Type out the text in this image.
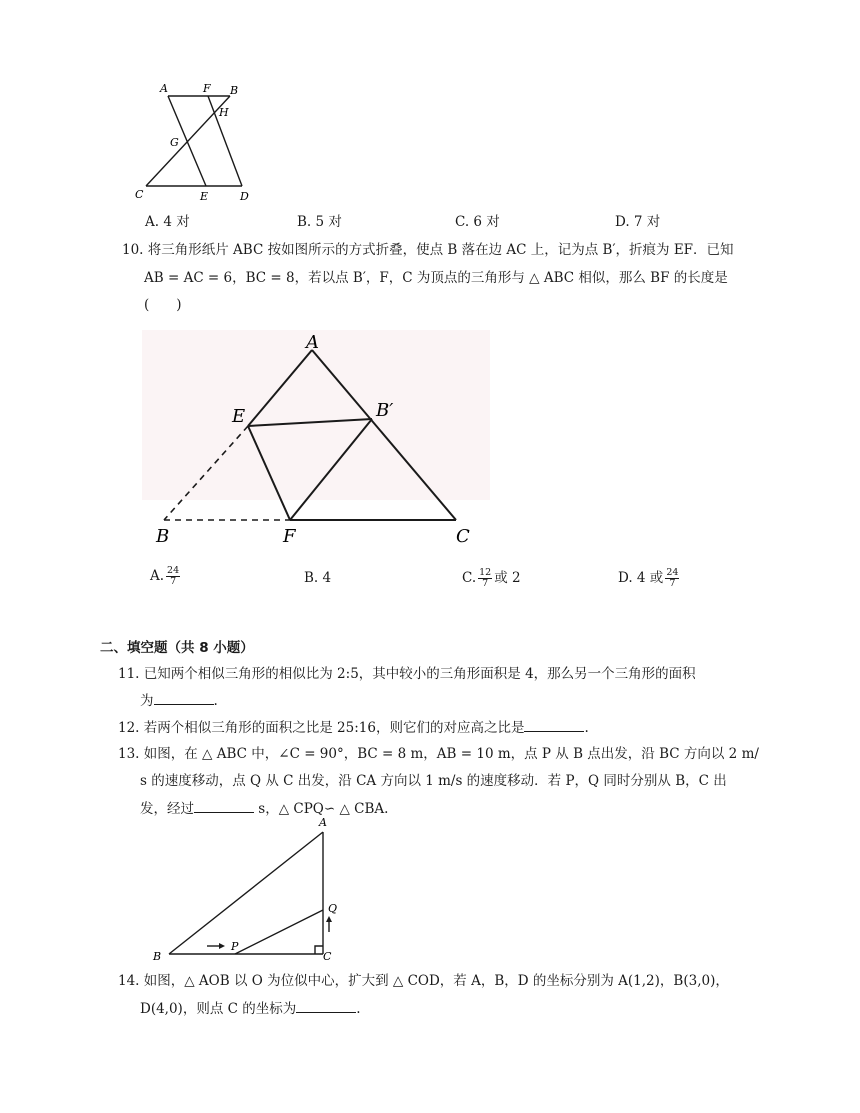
A	F B
H
G
C	E	D
A. 4 对	B. 5 对	C. 6 对	D. 7 对
10. 将三角形纸片 ABC 按如图所示的方式折叠，使点 B 落在边 AC 上，记为点 B′，折痕为 EF．已知
AB = AC = 6，BC = 8，若以点 B′，F，C 为顶点的三角形与 △ ABC 相似，那么 BF 的长度是
(　　)
A
E	B′
B	F	C
A. $\frac{24}{7}$	B. 4	C. $\frac{12}{7}$ 或 2	D. 4 或 $\frac{24}{7}$
二、填空题（共 8 小题）
11. 已知两个相似三角形的相似比为 2:5，其中较小的三角形面积是 4，那么另一个三角形的面积
为	.
12. 若两个相似三角形的面积之比是 25:16，则它们的对应高之比是	.
13. 如图，在 △ ABC 中，∠C = 90°，BC = 8 m，AB = 10 m，点 P 从 B 点出发，沿 BC 方向以 2 m/
s 的速度移动，点 Q 从 C 出发，沿 CA 方向以 1 m/s 的速度移动．若 P，Q 同时分别从 B，C 出
发，经过	s，△ CPQ∽ △ CBA.
A
Q
B
P
C
14. 如图，△ AOB 以 O 为位似中心，扩大到 △ COD，若 A，B，D 的坐标分别为 A(1,2)，B(3,0)，
D(4,0)，则点 C 的坐标为	.
